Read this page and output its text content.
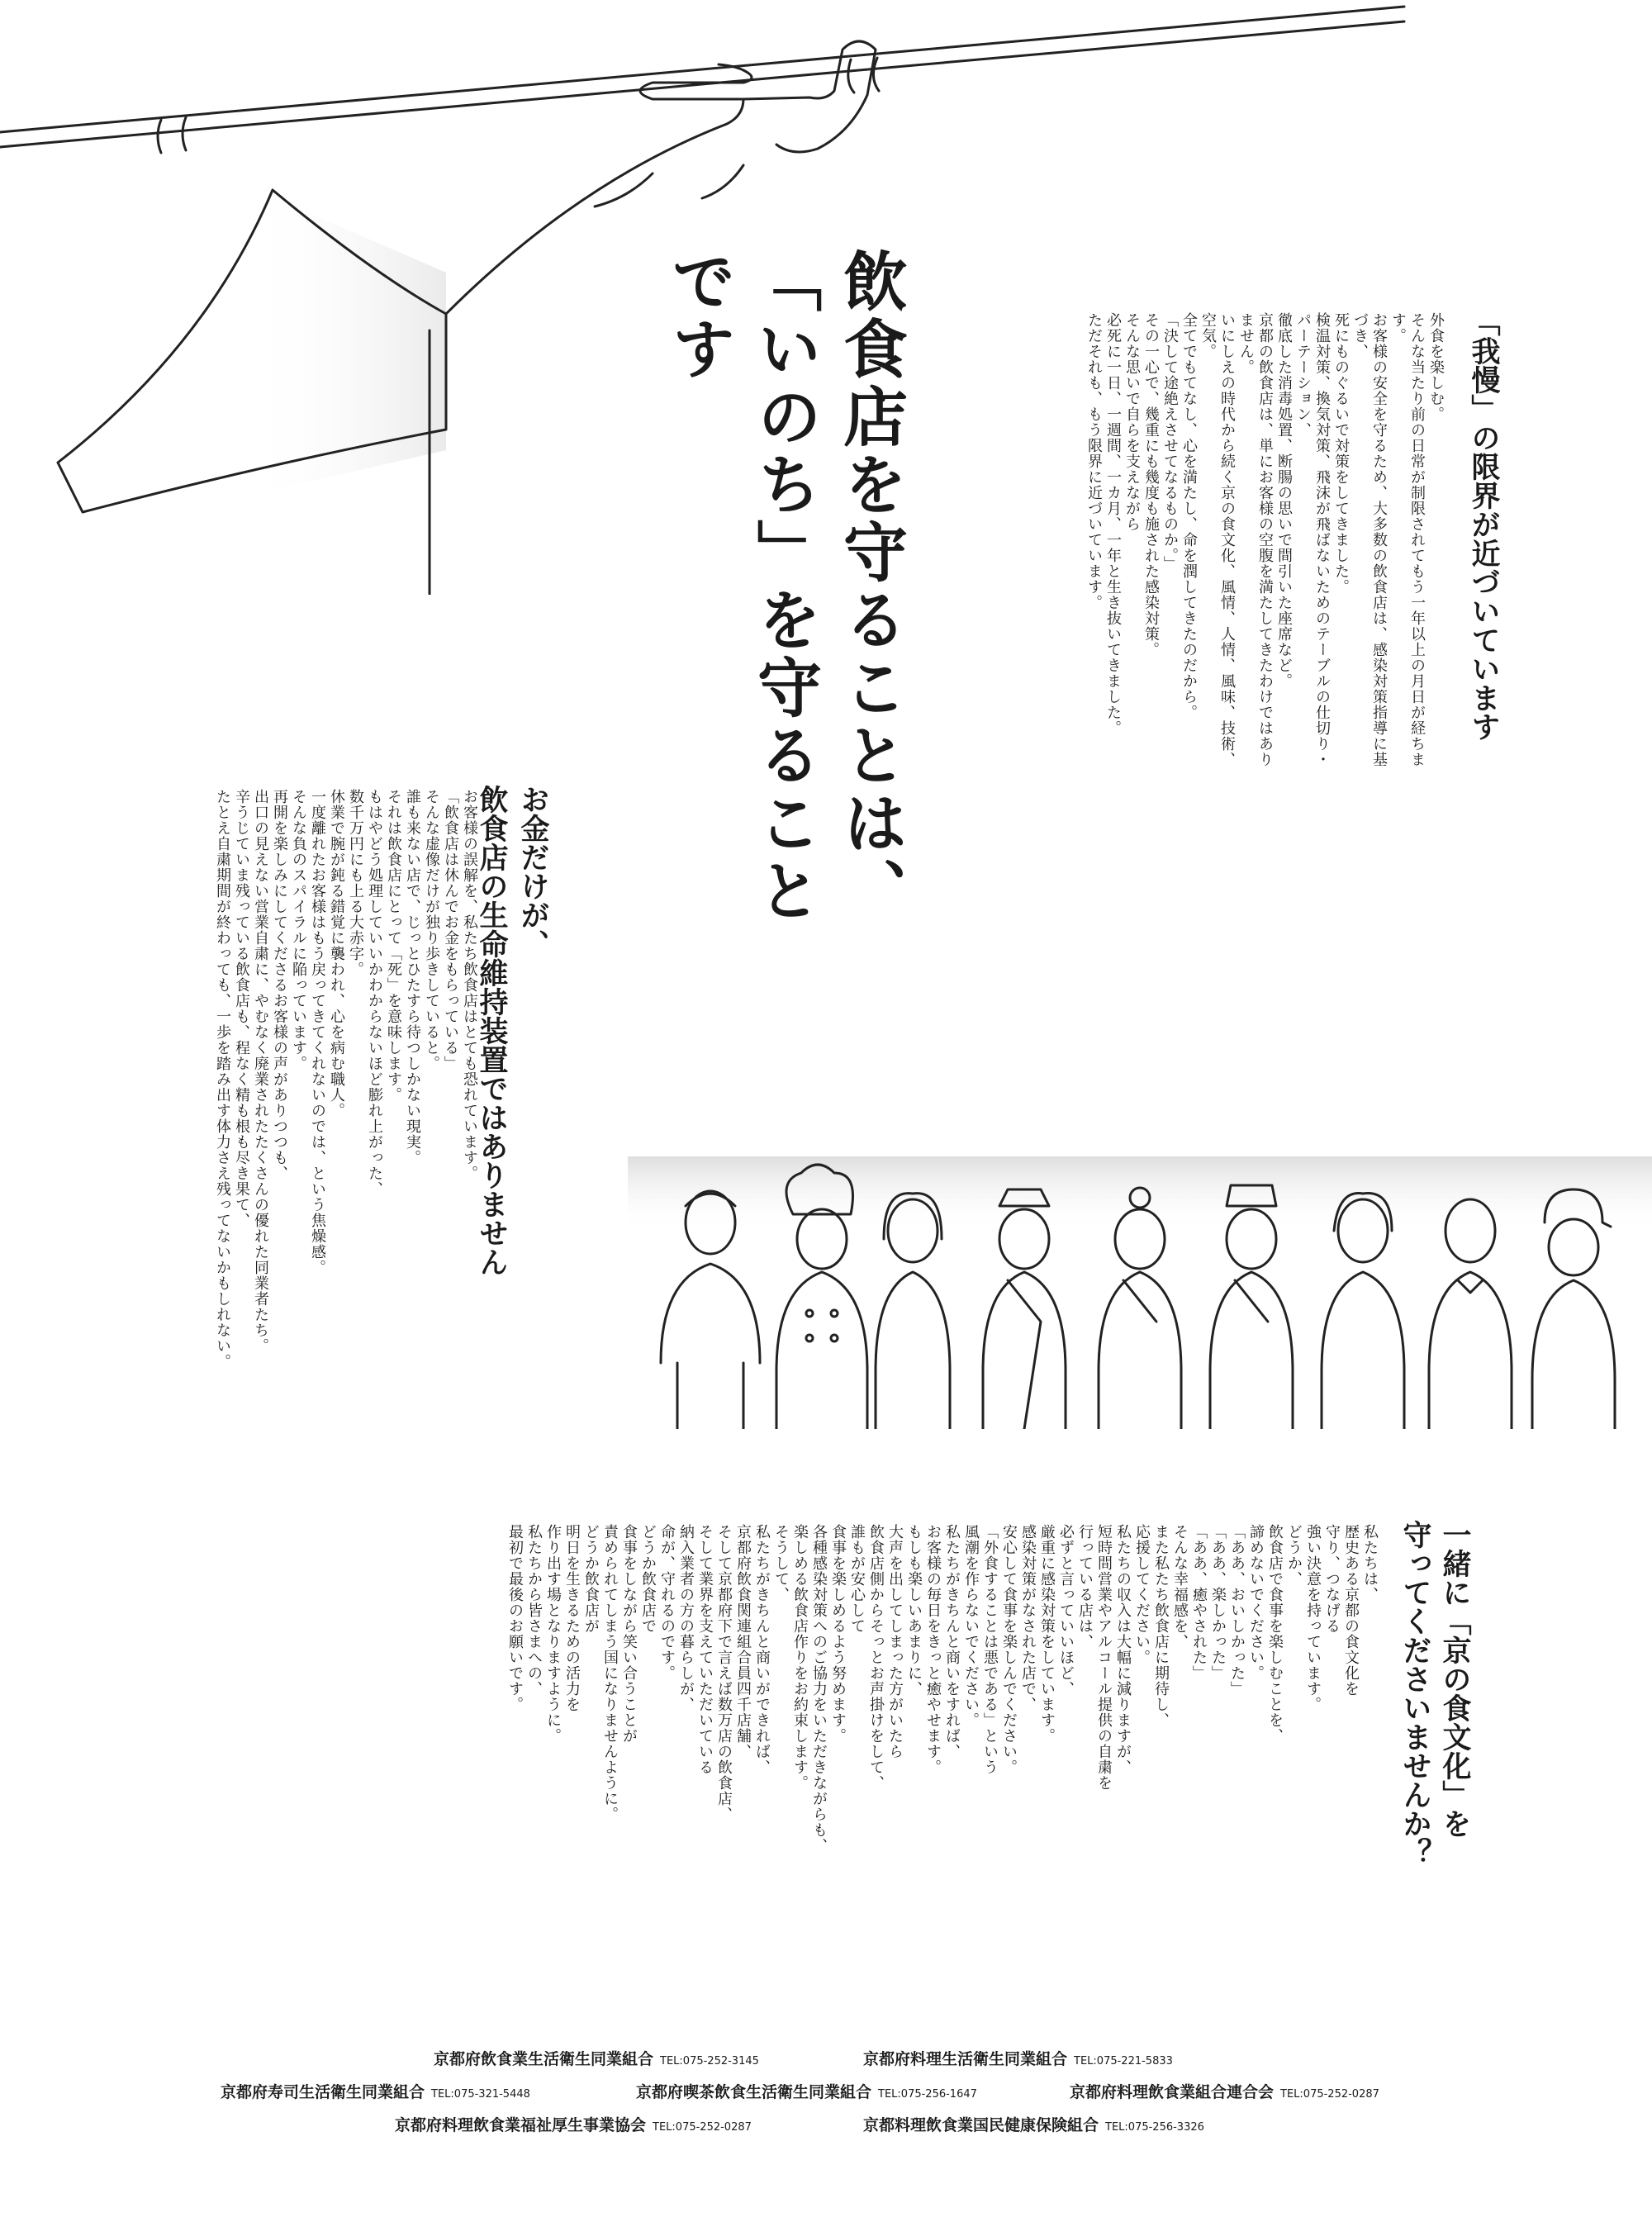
飲食店を守ることは、
「いのち」を守ることです	「我慢」の限界が近づいています
外食を楽しむ。
そんな当たり前の日常が制限されてもう一年以上の月日が経ちます。
お客様の安全を守るため、大多数の飲食店は、感染対策指導に基づき、
死にものぐるいで対策をしてきました。
検温対策、換気対策、飛沫が飛ばないためのテーブルの仕切り・パーテーション、
徹底した消毒処置、断腸の思いで間引いた座席など。
京都の飲食店は、単にお客様の空腹を満たしてきたわけではありません。
いにしえの時代から続く京の食文化、風情、人情、風味、技術、空気。
全てでもてなし、心を満たし、命を潤してきたのだから。
「決して途絶えさせてなるものか。」
その一心で、幾重にも幾度も施された感染対策。
そんな思いで自らを支えながら
必死に一日、一週間、一カ月、一年と生き抜いてきました。
ただそれも、もう限界に近づいています。
お金だけが、
飲食店の生命維持装置ではありません
お客様の誤解を、私たち飲食店はとても恐れています。
「飲食店は休んでお金をもらっている」
そんな虚像だけが独り歩きしていると。
誰も来ない店で、じっとひたすら待つしかない現実。
それは飲食店にとって「死」を意味します。
もはやどう処理していいかわからないほど膨れ上がった、
数千万円にも上る大赤字。
休業で腕が鈍る錯覚に襲われ、心を病む職人。
一度離れたお客様はもう戻ってきてくれないのでは、という焦燥感。
そんな負のスパイラルに陥っています。
再開を楽しみにしてくださるお客様の声がありつつも、
出口の見えない営業自粛に、やむなく廃業されたたくさんの優れた同業者たち。
辛うじていま残っている飲食店も、程なく精も根も尽き果て、
たとえ自粛期間が終わっても、一歩を踏み出す体力さえ残ってないかもしれない。
一緒に「京の食文化」を
守ってくださいませんか？
私たちは、
歴史ある京都の食文化を
守り、つなげる
強い決意を持っています。
どうか、
飲食店で食事を楽しむことを、
諦めないでください。
「ああ、おいしかった」
「ああ、楽しかった」
「ああ、癒やされた」
そんな幸福感を、
また私たち飲食店に期待し、
応援してください。
私たちの収入は大幅に減りますが、
短時間営業やアルコール提供の自粛を
行っている店は、
必ずと言っていいほど、
厳重に感染対策をしています。
感染対策がなされた店で、
安心して食事を楽しんでください。
「外食することは悪である」という
風潮を作らないでください。
私たちがきちんと商いをすれば、
お客様の毎日をきっと癒やせます。
もしも楽しいあまりに、
大声を出してしまった方がいたら
飲食店側からそっとお声掛けをして、
誰もが安心して
食事を楽しめるよう努めます。
各種感染対策へのご協力をいただきながらも、
楽しめる飲食店作りをお約束します。
そうして、
私たちがきちんと商いができれば、
京都府飲食関連組合員四千店舗、
そして京都府下で言えば数万店の飲食店、
そして業界を支えていただいている
納入業者の方の暮らしが、
命が、守れるのです。
どうか飲食店で
食事をしながら笑い合うことが
責められてしまう国になりませんように。
どうか飲食店が
明日を生きるための活力を
作り出す場となりますように。
私たちから皆さまへの、
最初で最後のお願いです。
京都府飲食業生活衛生同業組合 TEL:075-252-3145	京都府料理生活衛生同業組合 TEL:075-221-5833
京都府寿司生活衛生同業組合 TEL:075-321-5448	京都府喫茶飲食生活衛生同業組合 TEL:075-256-1647	京都府料理飲食業組合連合会 TEL:075-252-0287
京都府料理飲食業福祉厚生事業協会 TEL:075-252-0287	京都料理飲食業国民健康保険組合 TEL:075-256-3326
